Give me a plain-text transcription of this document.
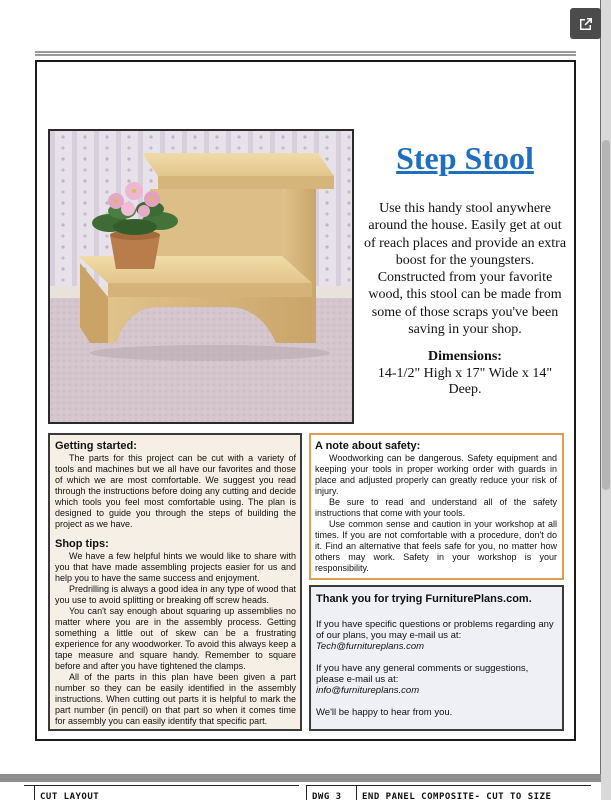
Step Stool
Use this handy stool anywhere around the house. Easily get at out of reach places and provide an extra boost for the youngsters. Constructed from your favorite wood, this stool can be made from some of those scraps you've been saving in your shop.
Dimensions:
14-1/2" High x 17" Wide x 14" Deep.
Getting started:

The parts for this project can be cut with a variety of tools and machines but we all have our favorites and those of which we are most comfortable. We suggest you read through the instructions before doing any cutting and decide which tools you feel most comfortable using. The plan is designed to guide you through the steps of building the project as we have.

Shop tips:

We have a few helpful hints we would like to share with you that have made assembling projects easier for us and help you to have the same success and enjoyment.

Predrilling is always a good idea in any type of wood that you use to avoid splitting or breaking off screw heads.

You can't say enough about squaring up assemblies no matter where you are in the assembly process. Getting something a little out of skew can be a frustrating experience for any woodworker. To avoid this always keep a tape measure and square handy. Remember to square before and after you have tightened the clamps.

All of the parts in this plan have been given a part number so they can be easily identified in the assembly instructions. When cutting out parts it is helpful to mark the part number (in pencil) on that part so when it comes time for assembly you can easily identify that specific part.

A note about safety:

Woodworking can be dangerous. Safety equipment and keeping your tools in proper working order with guards in place and adjusted properly can greatly reduce your risk of injury.

Be sure to read and understand all of the safety instructions that come with your tools.

Use common sense and caution in your workshop at all times. If you are not comfortable with a procedure, don't do it. Find an alternative that feels safe for you, no matter how others may work. Safety in your workshop is your responsibility.

Thank you for trying FurniturePlans.com.
If you have specific questions or problems regarding any of our plans, you may e-mail us at:
Tech@furnitureplans.com
If you have any general comments or suggestions, please e-mail us at:
info@furnitureplans.com
We'll be happy to hear from you.
CUT LAYOUT	DWG 3 END PANEL COMPOSITE- CUT TO SIZE
